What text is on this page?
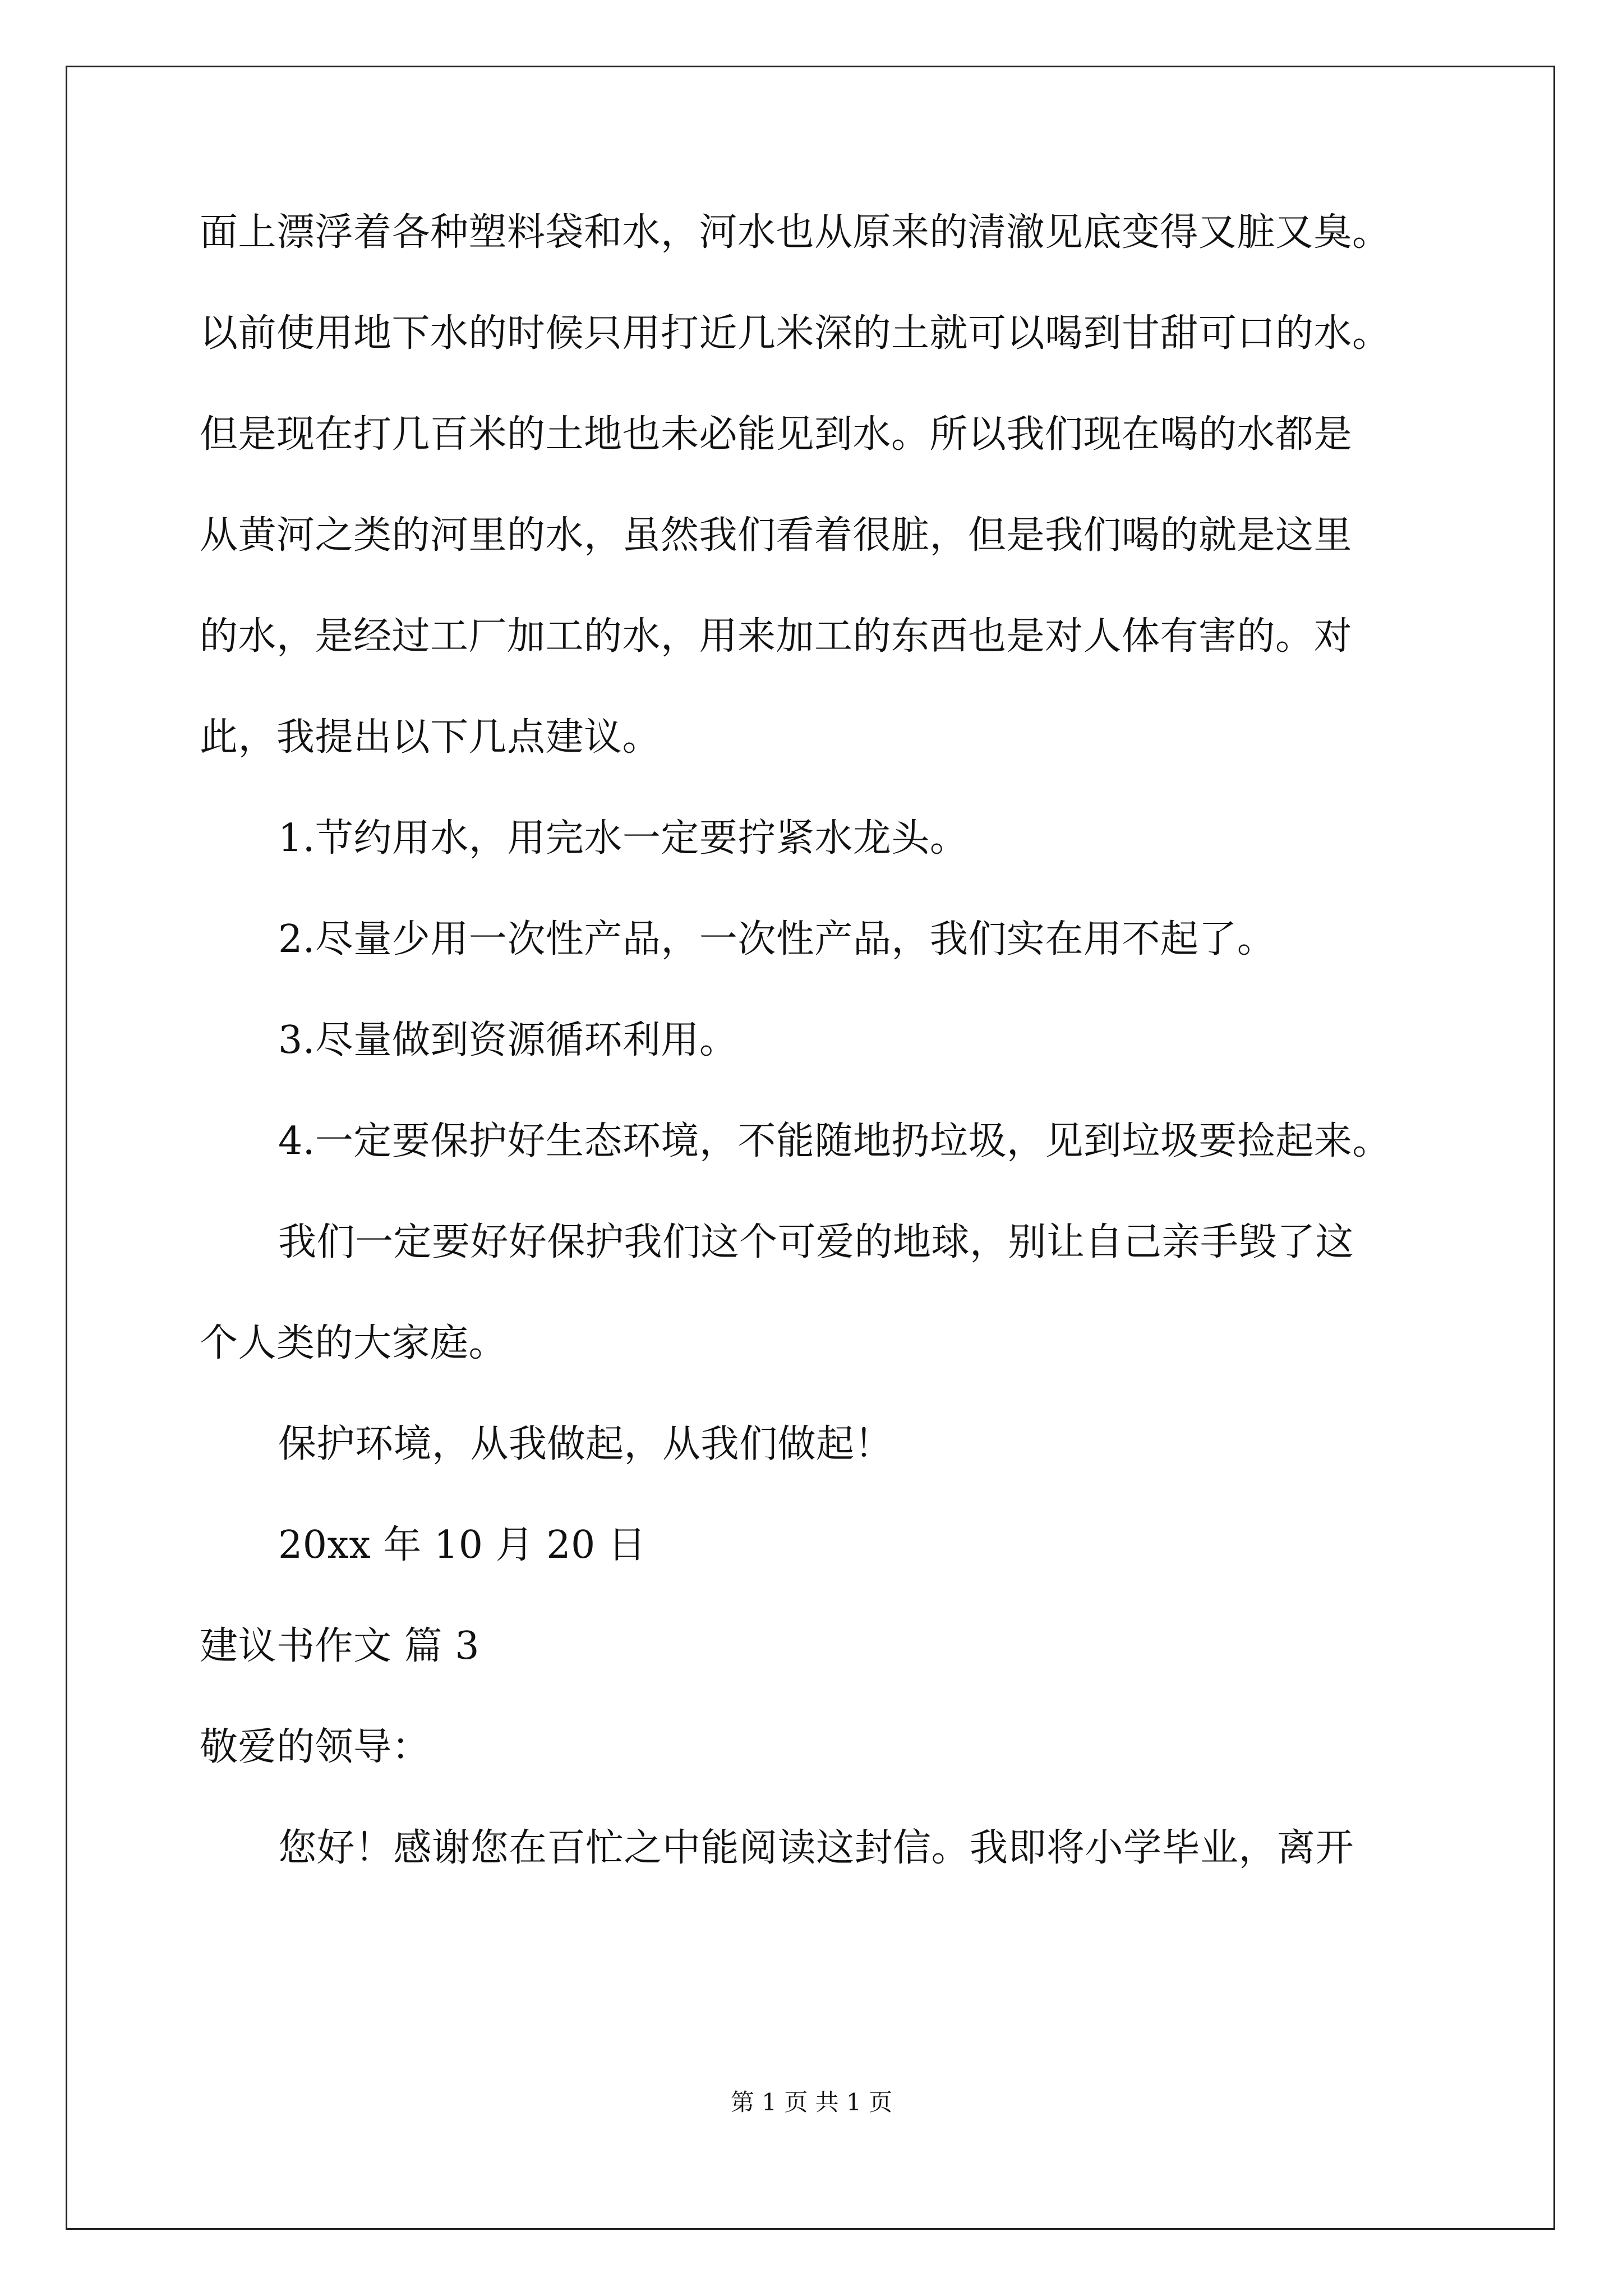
面上漂浮着各种塑料袋和水，河水也从原来的清澈见底变得又脏又臭。
以前使用地下水的时候只用打近几米深的土就可以喝到甘甜可口的水。
但是现在打几百米的土地也未必能见到水。所以我们现在喝的水都是
从黄河之类的河里的水，虽然我们看着很脏，但是我们喝的就是这里
的水，是经过工厂加工的水，用来加工的东西也是对人体有害的。对
此，我提出以下几点建议。
1.节约用水，用完水一定要拧紧水龙头。
2.尽量少用一次性产品，一次性产品，我们实在用不起了。
3.尽量做到资源循环利用。
4.一定要保护好生态环境，不能随地扔垃圾，见到垃圾要捡起来。
我们一定要好好保护我们这个可爱的地球，别让自己亲手毁了这
个人类的大家庭。
保护环境，从我做起，从我们做起！
20xx 年 10 月 20 日
建议书作文 篇 3
敬爱的领导：
您好！感谢您在百忙之中能阅读这封信。我即将小学毕业，离开
第 1 页 共 1 页
